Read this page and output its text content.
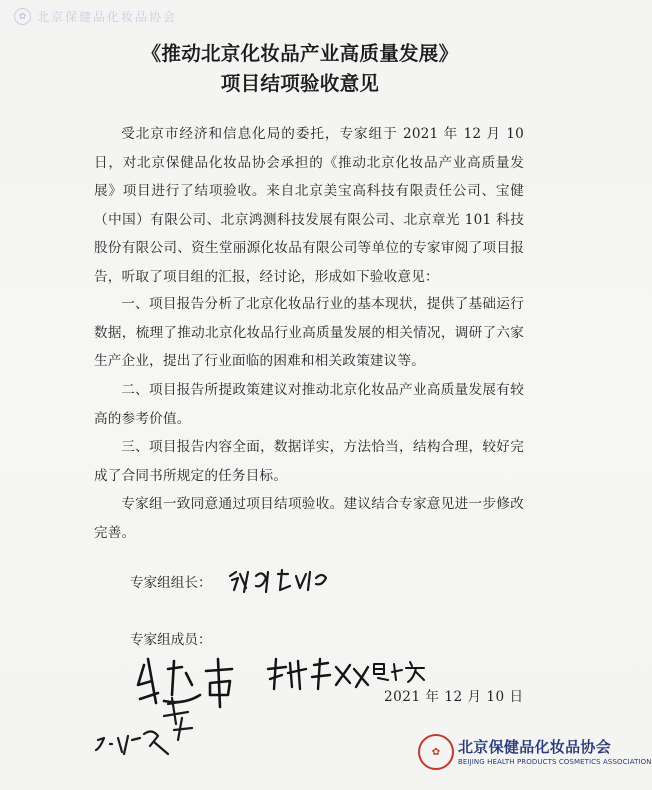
✿ 北京保健品化妆品协会
《推动北京化妆品产业高质量发展》
项目结项验收意见
受北京市经济和信息化局的委托，专家组于 2021 年 12 月 10 日，对北京保健品化妆品协会承担的《推动北京化妆品产业高质量发展》项目进行了结项验收。来自北京美宝高科技有限责任公司、宝健（中国）有限公司、北京鸿测科技发展有限公司、北京章光 101 科技股份有限公司、资生堂丽源化妆品有限公司等单位的专家审阅了项目报告，听取了项目组的汇报，经讨论，形成如下验收意见：
一、项目报告分析了北京化妆品行业的基本现状，提供了基础运行数据，梳理了推动北京化妆品行业高质量发展的相关情况，调研了六家生产企业，提出了行业面临的困难和相关政策建议等。
二、项目报告所提政策建议对推动北京化妆品产业高质量发展有较高的参考价值。
三、项目报告内容全面，数据详实，方法恰当，结构合理，较好完成了合同书所规定的任务目标。
专家组一致同意通过项目结项验收。建议结合专家意见进一步修改完善。
专家组组长：
专家组成员：
2021 年 12 月 10 日
✿	北京保健品化妆品协会
BEIJING HEALTH PRODUCTS COSMETICS ASSOCIATION
